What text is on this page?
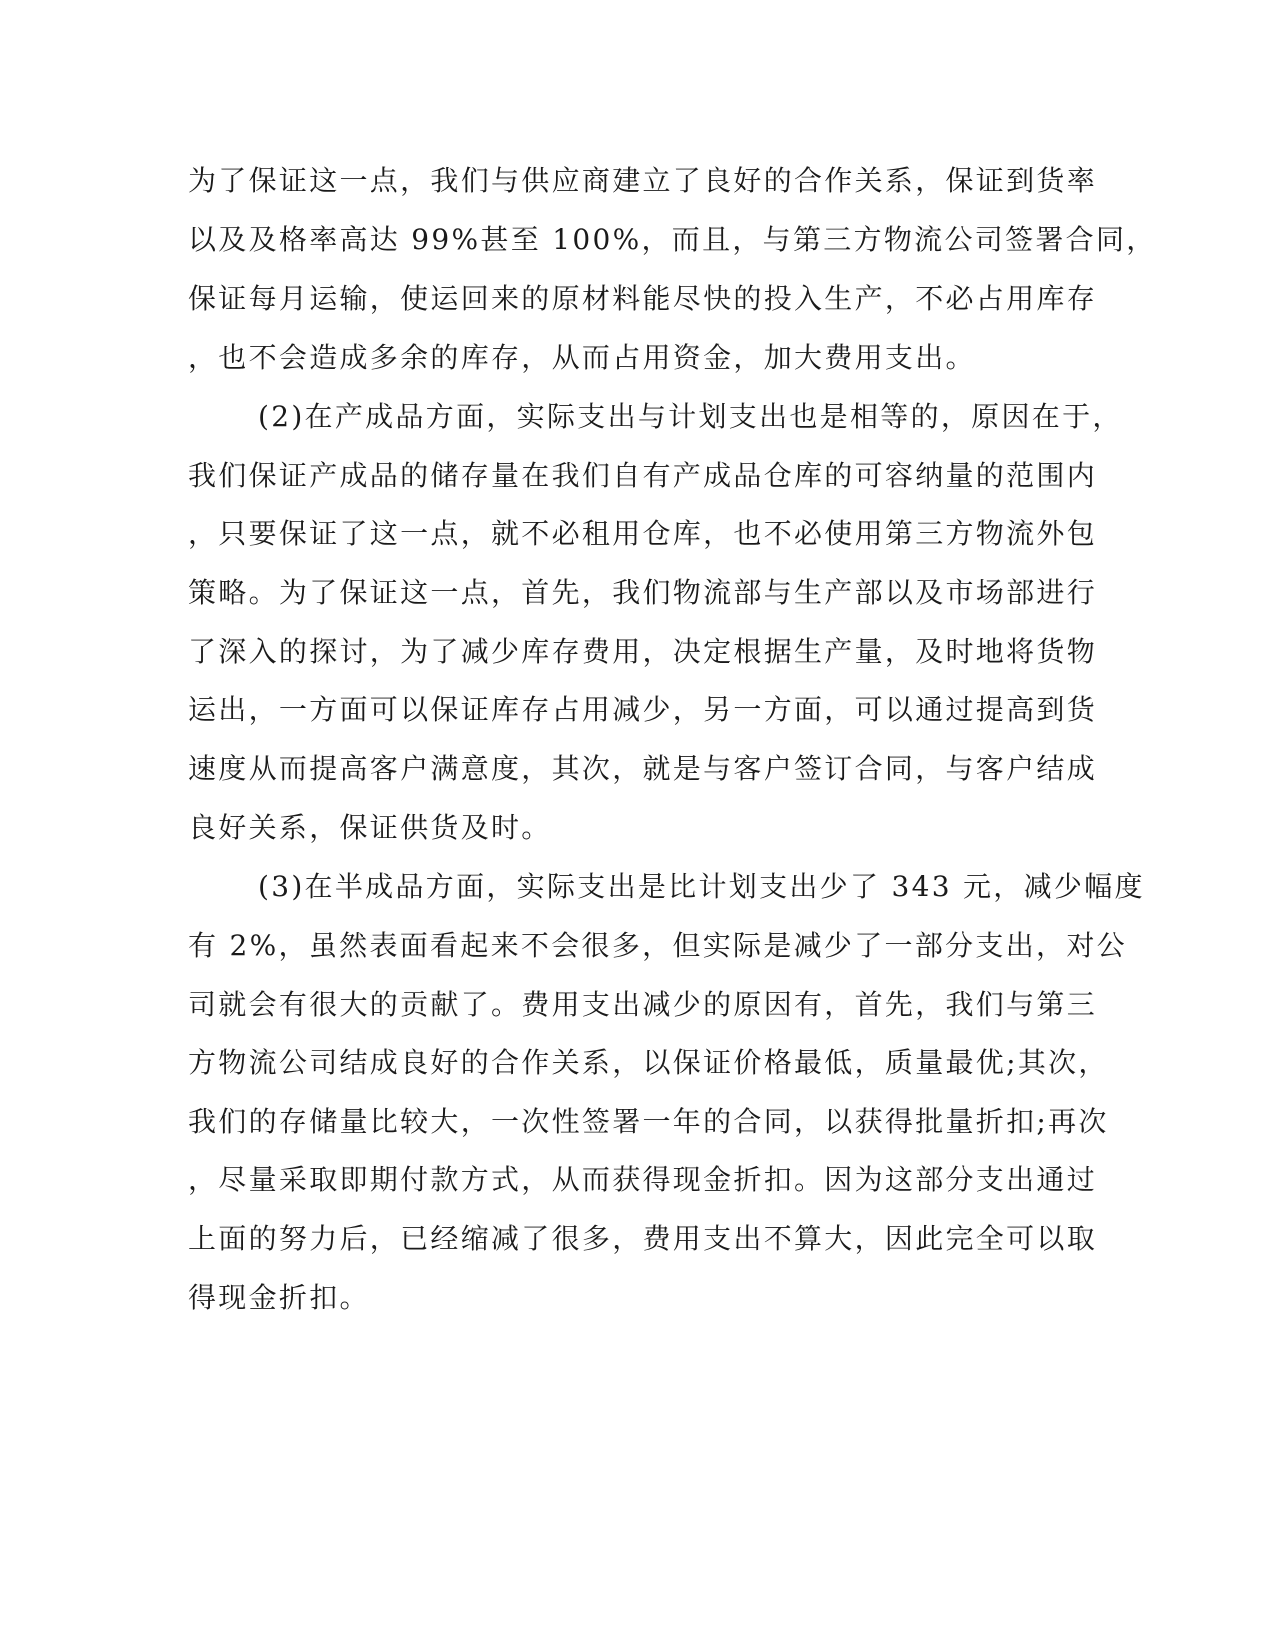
为了保证这一点，我们与供应商建立了良好的合作关系，保证到货率
以及及格率高达 99%甚至 100%，而且，与第三方物流公司签署合同，
保证每月运输，使运回来的原材料能尽快的投入生产，不必占用库存
，也不会造成多余的库存，从而占用资金，加大费用支出。
(2)在产成品方面，实际支出与计划支出也是相等的，原因在于，
我们保证产成品的储存量在我们自有产成品仓库的可容纳量的范围内
，只要保证了这一点，就不必租用仓库，也不必使用第三方物流外包
策略。为了保证这一点，首先，我们物流部与生产部以及市场部进行
了深入的探讨，为了减少库存费用，决定根据生产量，及时地将货物
运出，一方面可以保证库存占用减少，另一方面，可以通过提高到货
速度从而提高客户满意度，其次，就是与客户签订合同，与客户结成
良好关系，保证供货及时。
(3)在半成品方面，实际支出是比计划支出少了 343 元，减少幅度
有 2%，虽然表面看起来不会很多，但实际是减少了一部分支出，对公
司就会有很大的贡献了。费用支出减少的原因有，首先，我们与第三
方物流公司结成良好的合作关系，以保证价格最低，质量最优;其次，
我们的存储量比较大，一次性签署一年的合同，以获得批量折扣;再次
，尽量采取即期付款方式，从而获得现金折扣。因为这部分支出通过
上面的努力后，已经缩减了很多，费用支出不算大，因此完全可以取
得现金折扣。
